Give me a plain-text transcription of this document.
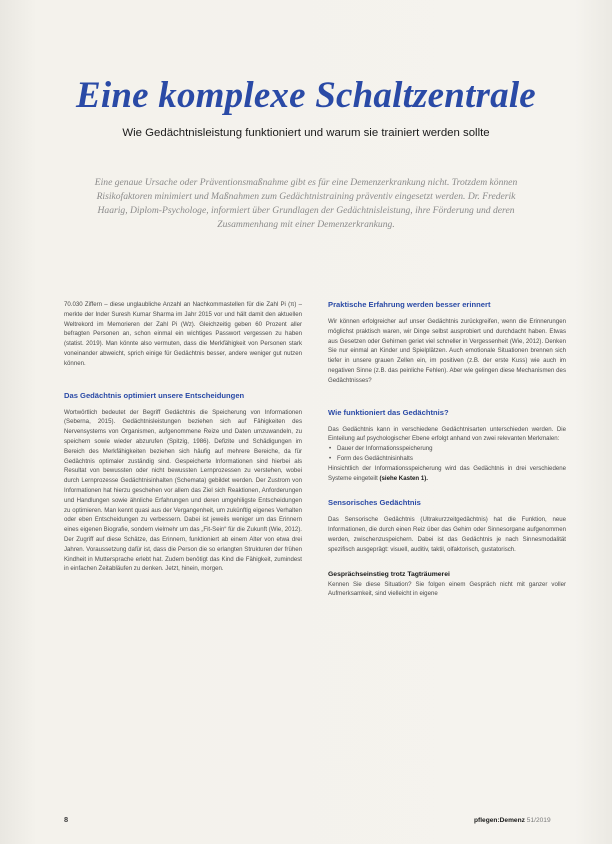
Eine komplexe Schaltzentrale
Wie Gedächtnisleistung funktioniert und warum sie trainiert werden sollte

Eine genaue Ursache oder Präventionsmaßnahme gibt es für eine Demenzerkrankung nicht. Trotzdem können Risikofaktoren minimiert und Maßnahmen zum Gedächtnistraining präventiv eingesetzt werden. Dr. Frederik Haarig, Diplom-Psychologe, informiert über Grundlagen der Gedächtnisleistung, ihre Förderung und deren Zusammenhang mit einer Demenzerkrankung.

70.030 Ziffern – diese unglaubliche Anzahl an Nachkommastellen für die Zahl Pi (π) – merkte der Inder Suresh Kumar Sharma im Jahr 2015 vor und hält damit den aktuellen Weltrekord im Memorieren der Zahl Pi (Wz). Gleichzeitig geben 60 Prozent aller befragten Personen an, schon einmal ein wichtiges Passwort vergessen zu haben (statist. 2019). Man könnte also vermuten, dass die Merkfähigkeit von Personen stark voneinander abweicht, sprich einige für Gedächtnis besser, andere weniger gut nutzen können.

Das Gedächtnis optimiert unsere Entscheidungen

Wortwörtlich bedeutet der Begriff Gedächtnis die Speicherung von Informationen (Seberna, 2015). Gedächtnisleistungen beziehen sich auf Fähigkeiten des Nervensystems von Organismen, aufgenommene Reize und Daten umzuwandeln, zu speichern sowie wieder abzurufen (Spitzig, 1986). Defizite und Schädigungen im Bereich des Merkfähigkeiten beziehen sich häufig auf mehrere Bereiche, da für Gedächtnis optimaler zuständig sind. Gespeicherte Informationen sind hierbei als Resultat von bewussten oder nicht bewussten Lernprozessen zu verstehen, wobei durch Lernprozesse Gedächtnisinhalten (Schemata) gebildet werden. Der Zustrom von Informationen hat hierzu geschehen vor allem das Ziel sich Reaktionen, Anforderungen und Handlungen sowie ähnliche Erfahrungen und deren umgehiligste Entscheidungen zu optimieren. Man kennt quasi aus der Vergangenheit, um zukünftig eigenes Verhalten oder eben Entscheidungen zu verbessern. Dabei ist jeweils weniger um das Erinnern eines eigenen Biografie, sondern vielmehr um das „Fit-Sein“ für die Zukunft (Wie, 2012). Der Zugriff auf diese Schätze, das Erinnern, funktioniert ab einem Alter von etwa drei Jahren. Voraussetzung dafür ist, dass die Person die so erlangten Strukturen der frühen Kindheit in Muttersprache erlebt hat. Zudem benötigt das Kind die Fähigkeit, zumindest in einfachen Zeitabläufen zu denken. Jetzt, hinein, morgen.

Praktische Erfahrung werden besser erinnert

Wir können erfolgreicher auf unser Gedächtnis zurückgreifen, wenn die Erinnerungen möglichst praktisch waren, wir Dinge selbst ausprobiert und durchdacht haben. Etwas aus Gesetzen oder Gehirnen geriet viel schneller in Vergessenheit (Wie, 2012). Denken Sie nur einmal an Kinder und Spielplätzen. Auch emotionale Situationen brennen sich tiefer in unsere grauen Zellen ein, im positiven (z.B. der erste Kuss) wie auch im negativen Sinne (z.B. das peinliche Fehlen). Aber wie gelingen diese Mechanismen des Gedächtnisses?

Wie funktioniert das Gedächtnis?

Das Gedächtnis kann in verschiedene Gedächtnisarten unterschieden werden. Die Einteilung auf psychologischer Ebene erfolgt anhand von zwei relevanten Merkmalen:

• Dauer der Informationsspeicherung
• Form des Gedächtnisinhalts

Hinsichtlich der Informationsspeicherung wird das Gedächtnis in drei verschiedene Systeme eingeteilt (siehe Kasten 1).

Sensorisches Gedächtnis

Das Sensorische Gedächtnis (Ultrakurzzeitgedächtnis) hat die Funktion, neue Informationen, die durch einen Reiz über das Gehirn oder Sinnesorgane aufgenommen werden, zwischenzuspeichern. Dabei ist das Gedächtnis je nach Sinnesmodalität spezifisch ausgeprägt: visuell, auditiv, taktil, olfaktorisch, gustatorisch.

Gesprächseinstieg trotz Tagträumerei

Kennen Sie diese Situation? Sie folgen einem Gespräch nicht mit ganzer voller Aufmerksamkeit, sind vielleicht in eigene

8	pflegen:Demenz 51/2019
